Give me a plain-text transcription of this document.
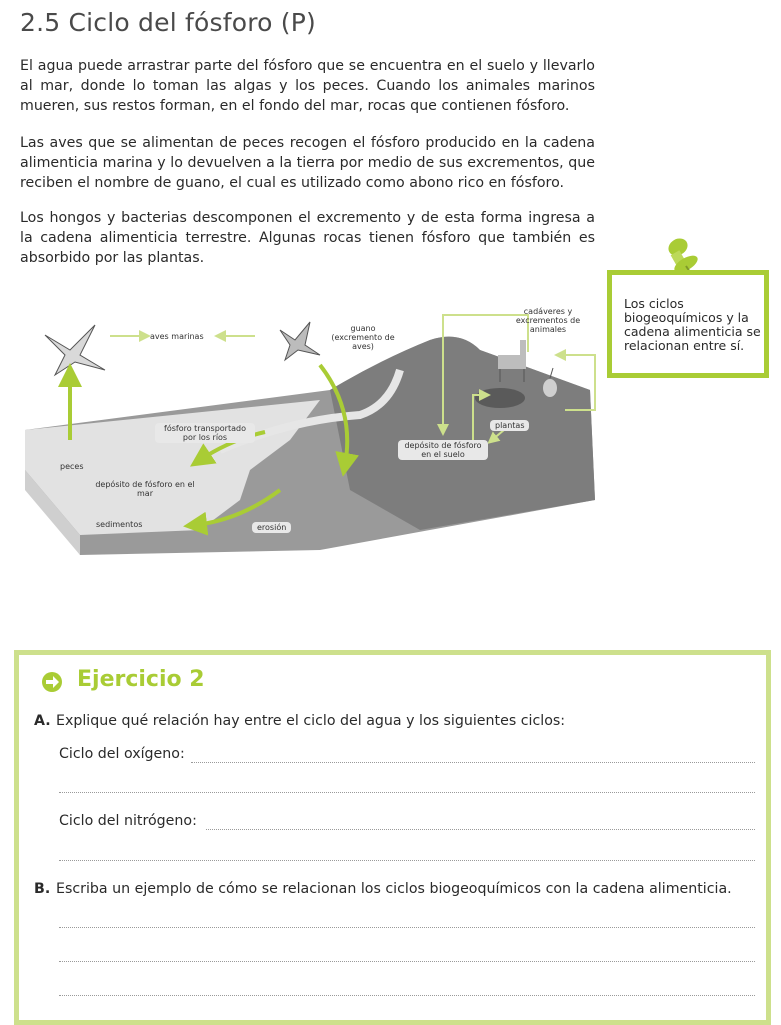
2.5 Ciclo del fósforo (P)
El agua puede arrastrar parte del fósforo que se encuentra en el suelo y llevarlo al mar, donde lo toman las algas y los peces. Cuando los animales marinos mueren, sus restos forman, en el fondo del mar, rocas que contienen fósforo.
Las aves que se alimentan de peces recogen el fósforo producido en la cadena alimenticia marina y lo devuelven a la tierra por medio de sus excrementos, que reciben el nombre de guano, el cual es utilizado como abono rico en fósforo.
Los hongos y bacterias descomponen el excremento y de esta forma ingresa a la cadena alimenticia terrestre. Algunas rocas tienen fósforo que también es absorbido por las plantas.
Los ciclos biogeoquímicos y la cadena alimenticia se relacionan entre sí.
aves marinas
guano (excremento de aves)
cadáveres y excrementos de animales
fósforo transportado por los ríos
peces
depósito de fósforo en el mar
sedimentos	erosión
plantas
depósito de fósforo en el suelo
Ejercicio 2
A. Explique qué relación hay entre el ciclo del agua y los siguientes ciclos:
Ciclo del oxígeno:
Ciclo del nitrógeno:
B. Escriba un ejemplo de cómo se relacionan los ciclos biogeoquímicos con la cadena alimenticia.
